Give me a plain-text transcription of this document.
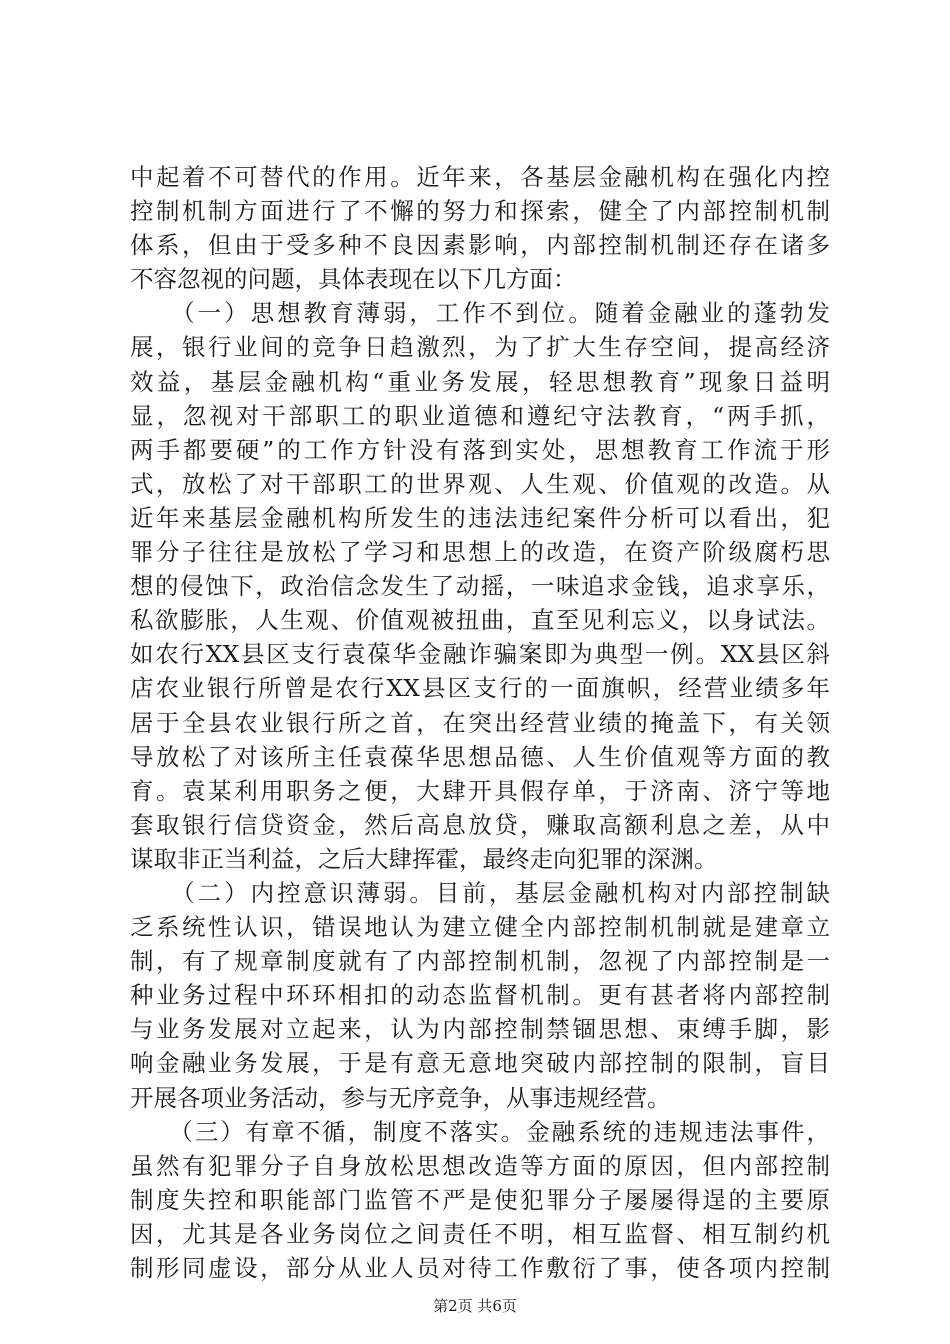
中起着不可替代的作用。近年来，各基层金融机构在强化内控
控制机制方面进行了不懈的努力和探索，健全了内部控制机制
体系，但由于受多种不良因素影响，内部控制机制还存在诸多
不容忽视的问题，具体表现在以下几方面：
　　（一）思想教育薄弱，工作不到位。随着金融业的蓬勃发
展，银行业间的竞争日趋激烈，为了扩大生存空间，提高经济
效益，基层金融机构“重业务发展，轻思想教育”现象日益明
显，忽视对干部职工的职业道德和遵纪守法教育，“两手抓，
两手都要硬”的工作方针没有落到实处，思想教育工作流于形
式，放松了对干部职工的世界观、人生观、价值观的改造。从
近年来基层金融机构所发生的违法违纪案件分析可以看出，犯
罪分子往往是放松了学习和思想上的改造，在资产阶级腐朽思
想的侵蚀下，政治信念发生了动摇，一味追求金钱，追求享乐，
私欲膨胀，人生观、价值观被扭曲，直至见利忘义，以身试法。
如农行XX县区支行袁葆华金融诈骗案即为典型一例。XX县区斜
店农业银行所曾是农行XX县区支行的一面旗帜，经营业绩多年
居于全县农业银行所之首，在突出经营业绩的掩盖下，有关领
导放松了对该所主任袁葆华思想品德、人生价值观等方面的教
育。袁某利用职务之便，大肆开具假存单，于济南、济宁等地
套取银行信贷资金，然后高息放贷，赚取高额利息之差，从中
谋取非正当利益，之后大肆挥霍，最终走向犯罪的深渊。
　　（二）内控意识薄弱。目前，基层金融机构对内部控制缺
乏系统性认识，错误地认为建立健全内部控制机制就是建章立
制，有了规章制度就有了内部控制机制，忽视了内部控制是一
种业务过程中环环相扣的动态监督机制。更有甚者将内部控制
与业务发展对立起来，认为内部控制禁锢思想、束缚手脚，影
响金融业务发展，于是有意无意地突破内部控制的限制，盲目
开展各项业务活动，参与无序竞争，从事违规经营。
　　（三）有章不循，制度不落实。金融系统的违规违法事件，
虽然有犯罪分子自身放松思想改造等方面的原因，但内部控制
制度失控和职能部门监管不严是使犯罪分子屡屡得逞的主要原
因，尤其是各业务岗位之间责任不明，相互监督、相互制约机
制形同虚设，部分从业人员对待工作敷衍了事，使各项内控制
第2页 共6页
